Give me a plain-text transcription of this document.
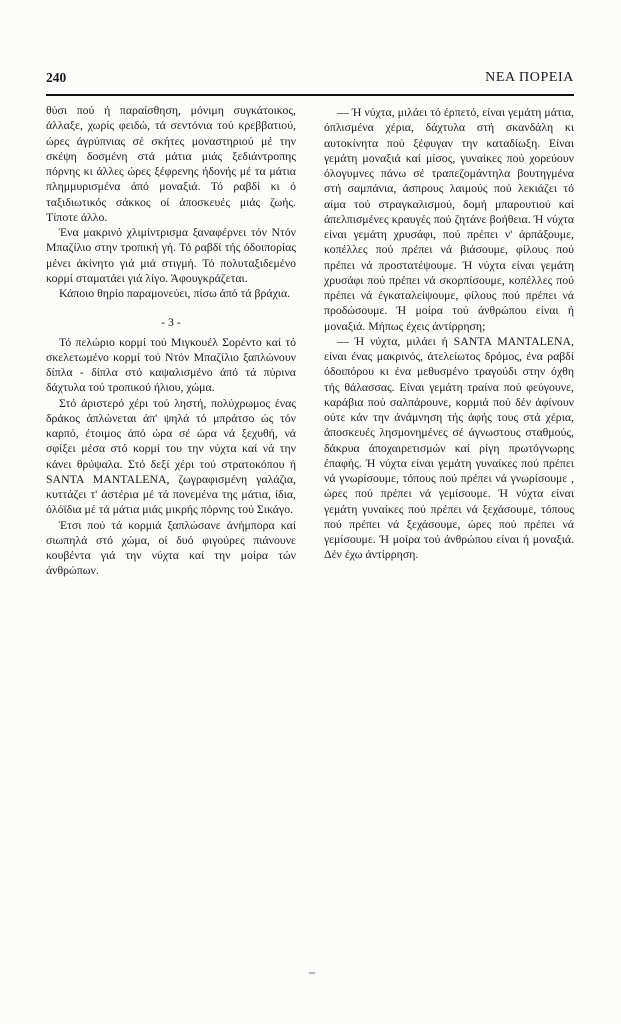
240	ΝΕΑ ΠΟΡΕΙΑ

θύσι πού ή παραίσθηση, μόνιμη συγκάτοικος, άλλαξε, χωρίς φειδώ, τά σεντόνια τού κρεββατιού, ώρες άγρύπνιας σέ σκήτες μοναστηριού μέ την σκέψη δοσμένη στά μάτια μιάς ξεδιάντροπης πόρνης κι άλλες ώρες ξέφρενης ήδονής μέ τα μάτια πλημμυρισμένα άπό μοναξιά. Τό ραβδί κι ό ταξιδιωτικός σάκκος οί άποσκευές μιάς ζωής. Τίποτε άλλο.

Ένα μακρινό χλιμίντρισμα ξαναφέρνει τόν Ντόν Μπαζίλιο στην τροπική γή. Τό ραβδί τής όδοιπορίας μένει άκίνητο γιά μιά στιγμή. Τό πολυταξιδεμένο κορμί σταματάει γιά λίγο. Άφουγκράζεται.

Κάποιο θηρίο παραμονεύει, πίσω άπό τά βράχια.

- 3 -

Τό πελώριο κορμί τού Μιγκουέλ Σορέντο καί τό σκελετωμένο κορμί τού Ντόν Μπαζίλιο ξαπλώνουν δίπλα - δίπλα στό καψαλισμένο άπό τά πύρινα δάχτυλα τού τροπικού ήλιου, χώμα.

Στό άριστερό χέρι τού ληστή, πολύχρωμος ένας δράκος άπλώνεται άπ' ψηλά τό μπράτσο ώς τόν καρπό, έτοιμος άπό ώρα σέ ώρα νά ξεχυθή, νά σφίξει μέσα στό κορμί του την νύχτα καί νά την κάνει θρύψαλα. Στό δεξί χέρι τού στρατοκόπου ή SANTA MANTALENA, ζωγραφισμένη γαλάζια, κυττάζει τ' άστέρια μέ τά πονεμένα της μάτια, ίδια, όλόϊδια μέ τά μάτια μιάς μικρής πόρνης τού Σικάγο.

Έτσι πού τά κορμιά ξαπλώσανε άνήμπορα καί σιωπηλά στό χώμα, οί δυό φιγούρες πιάνουνε κουβέντα γιά την νύχτα καί την μοίρα τών άνθρώπων.

— Ή νύχτα, μιλάει τό έρπετό, είναι γεμάτη μάτια, όπλισμένα χέρια, δάχτυλα στή σκανδάλη κι αυτοκίνητα πού ξέφυγαν την καταδίωξη. Είναι γεμάτη μοναξιά καί μίσος, γυναίκες πού χορεύουν όλογυμνες πάνω σέ τραπεζομάντηλα βουτηγμένα στή σαμπάνια, άσπρους λαιμούς πού λεκιάζει τό αίμα τού στραγκαλισμού, δομή μπαρουτιού καί άπελπισμένες κραυγές πού ζητάνε βοήθεια. Ή νύχτα είναι γεμάτη χρυσάφι, πού πρέπει ν' άρπάξουμε, κοπέλλες πού πρέπει νά βιάσουμε, φίλους πού πρέπει νά προστατέψουμε. Ή νύχτα είναι γεμάτη χρυσάφι πού πρέπει νά σκορπίσουμε, κοπέλλες πού πρέπει νά έγκαταλείψουμε, φίλους πού πρέπει νά προδώσουμε. Ή μοίρα τού άνθρώπου είναι ή μοναξιά. Μήπως έχεις άντίρρηση;

— Ή νύχτα, μιλάει ή SANTA MANTALENA, είναι ένας μακρινός, άτελείωτος δρόμος, ένα ραβδί όδοιπόρου κι ένα μεθυσμένο τραγούδι στην όχθη τής θάλασσας. Είναι γεμάτη τραίνα πού φεύγουνε, καράβια πού σαλπάρουνε, κορμιά πού δέν άφίνουν ούτε κάν την άνάμνηση τής άφής τους στά χέρια, άποσκευές λησμονημένες σέ άγνωστους σταθμούς, δάκρυα άποχαιρετισμών καί ρίγη πρωτόγνωρης έπαφής. Ή νύχτα είναι γεμάτη γυναίκες πού πρέπει νά γνωρίσουμε, τόπους πού πρέπει νά γνωρίσουμε , ώρες πού πρέπει νά γεμίσουμε. Ή νύχτα είναι γεμάτη γυναίκες πού πρέπει νά ξεχάσουμε, τόπους πού πρέπει νά ξεχάσουμε, ώρες πού πρέπει νά γεμίσουμε. Ή μοίρα τού άνθρώπου είναι ή μοναξιά. Δέν έχω άντίρρηση.
